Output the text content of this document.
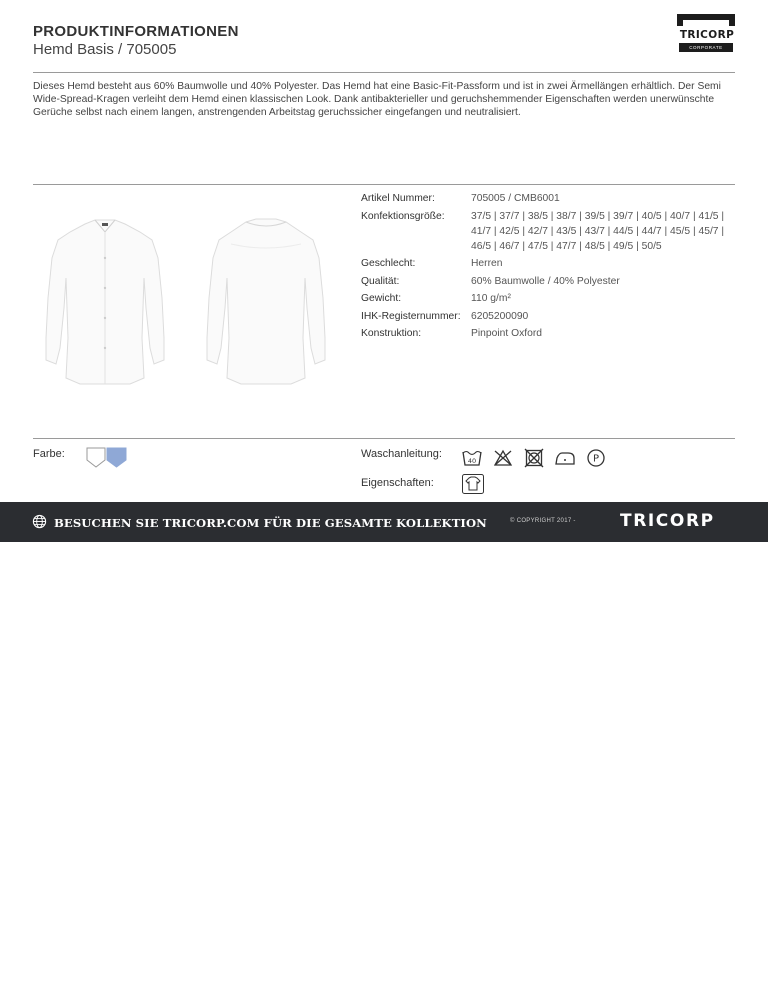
PRODUKTINFORMATIONEN
Hemd Basis / 705005
TRICORP
CORPORATE
Dieses Hemd besteht aus 60% Baumwolle und 40% Polyester. Das Hemd hat eine Basic-Fit-Passform und ist in zwei Ärmellängen erhältlich. Der Semi Wide-Spread-Kragen verleiht dem Hemd einen klassischen Look. Dank antibakterieller und geruchshemmender Eigenschaften werden unerwünschte Gerüche selbst nach einem langen, anstrengenden Arbeitstag geruchssicher eingefangen und neutralisiert.
Artikel Nummer:	705005 / CMB6001
Konfektionsgröße:	37/5 | 37/7 | 38/5 | 38/7 | 39/5 | 39/7 | 40/5 | 40/7 | 41/5 | 41/7 | 42/5 | 42/7 | 43/5 | 43/7 | 44/5 | 44/7 | 45/5 | 45/7 | 46/5 | 46/7 | 47/5 | 47/7 | 48/5 | 49/5 | 50/5
Geschlecht:	Herren
Qualität:	60% Baumwolle / 40% Polyester
Gewicht:	110 g/m²
IHK-Registernummer:	6205200090
Konstruktion:	Pinpoint Oxford
Farbe:	Waschanleitung:
40	P
Eigenschaften:
BESUCHEN SIE TRICORP.COM FÜR DIE GESAMTE KOLLEKTION	© COPYRIGHT 2017 -	TRICORP
